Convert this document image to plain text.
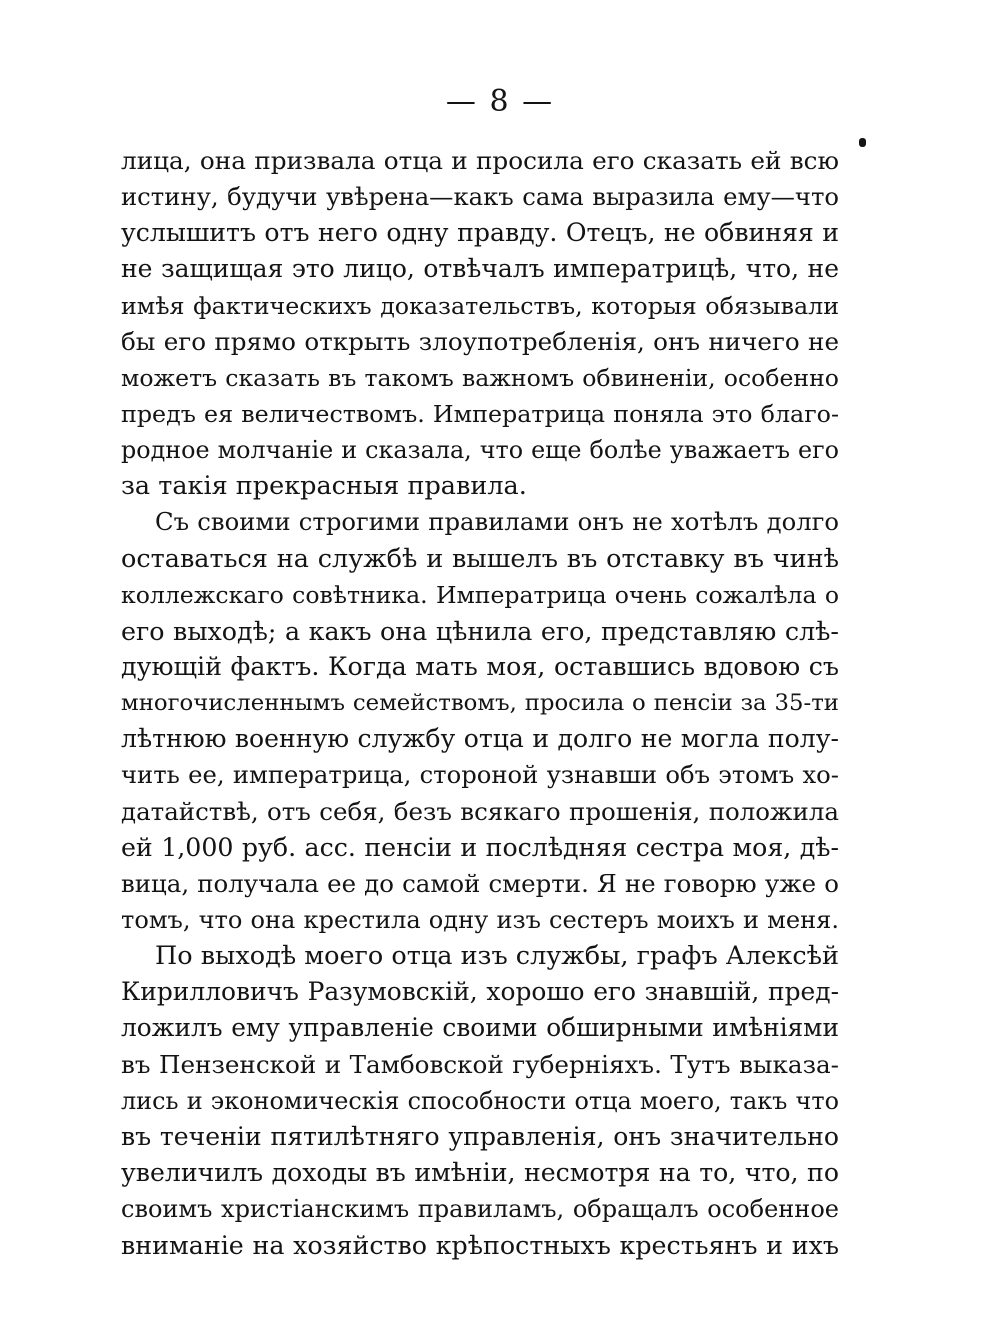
— 8 —
лица, она призвала отца и просила его сказать ей всю
истину, будучи увѣрена—какъ сама выразила ему—что
услышитъ отъ него одну правду. Отецъ, не обвиняя и
не защищая это лицо, отвѣчалъ императрицѣ, что, не
имѣя фактическихъ доказательствъ, которыя обязывали
бы его прямо открыть злоупотребленія, онъ ничего не
можетъ сказать въ такомъ важномъ обвиненіи, особенно
предъ ея величествомъ. Императрица поняла это благо-
родное молчаніе и сказала, что еще болѣе уважаетъ его
за такія прекрасныя правила.
Съ своими строгими правилами онъ не хотѣлъ долго
оставаться на службѣ и вышелъ въ отставку въ чинѣ
коллежскаго совѣтника. Императрица очень сожалѣла о
его выходѣ; а какъ она цѣнила его, представляю слѣ-
дующій фактъ. Когда мать моя, оставшись вдовою съ
многочисленнымъ семействомъ, просила о пенсіи за 35-ти
лѣтнюю военную службу отца и долго не могла полу-
чить ее, императрица, стороной узнавши объ этомъ хо-
датайствѣ, отъ себя, безъ всякаго прошенія, положила
ей 1,000 руб. асс. пенсіи и послѣдняя сестра моя, дѣ-
вица, получала ее до самой смерти. Я не говорю уже о
томъ, что она крестила одну изъ сестеръ моихъ и меня.
По выходѣ моего отца изъ службы, графъ Алексѣй
Кирилловичъ Разумовскій, хорошо его знавшій, пред-
ложилъ ему управленіе своими обширными имѣніями
въ Пензенской и Тамбовской губерніяхъ. Тутъ выказа-
лись и экономическія способности отца моего, такъ что
въ теченіи пятилѣтняго управленія, онъ значительно
увеличилъ доходы въ имѣніи, несмотря на то, что, по
своимъ христіанскимъ правиламъ, обращалъ особенное
вниманіе на хозяйство крѣпостныхъ крестьянъ и ихъ
